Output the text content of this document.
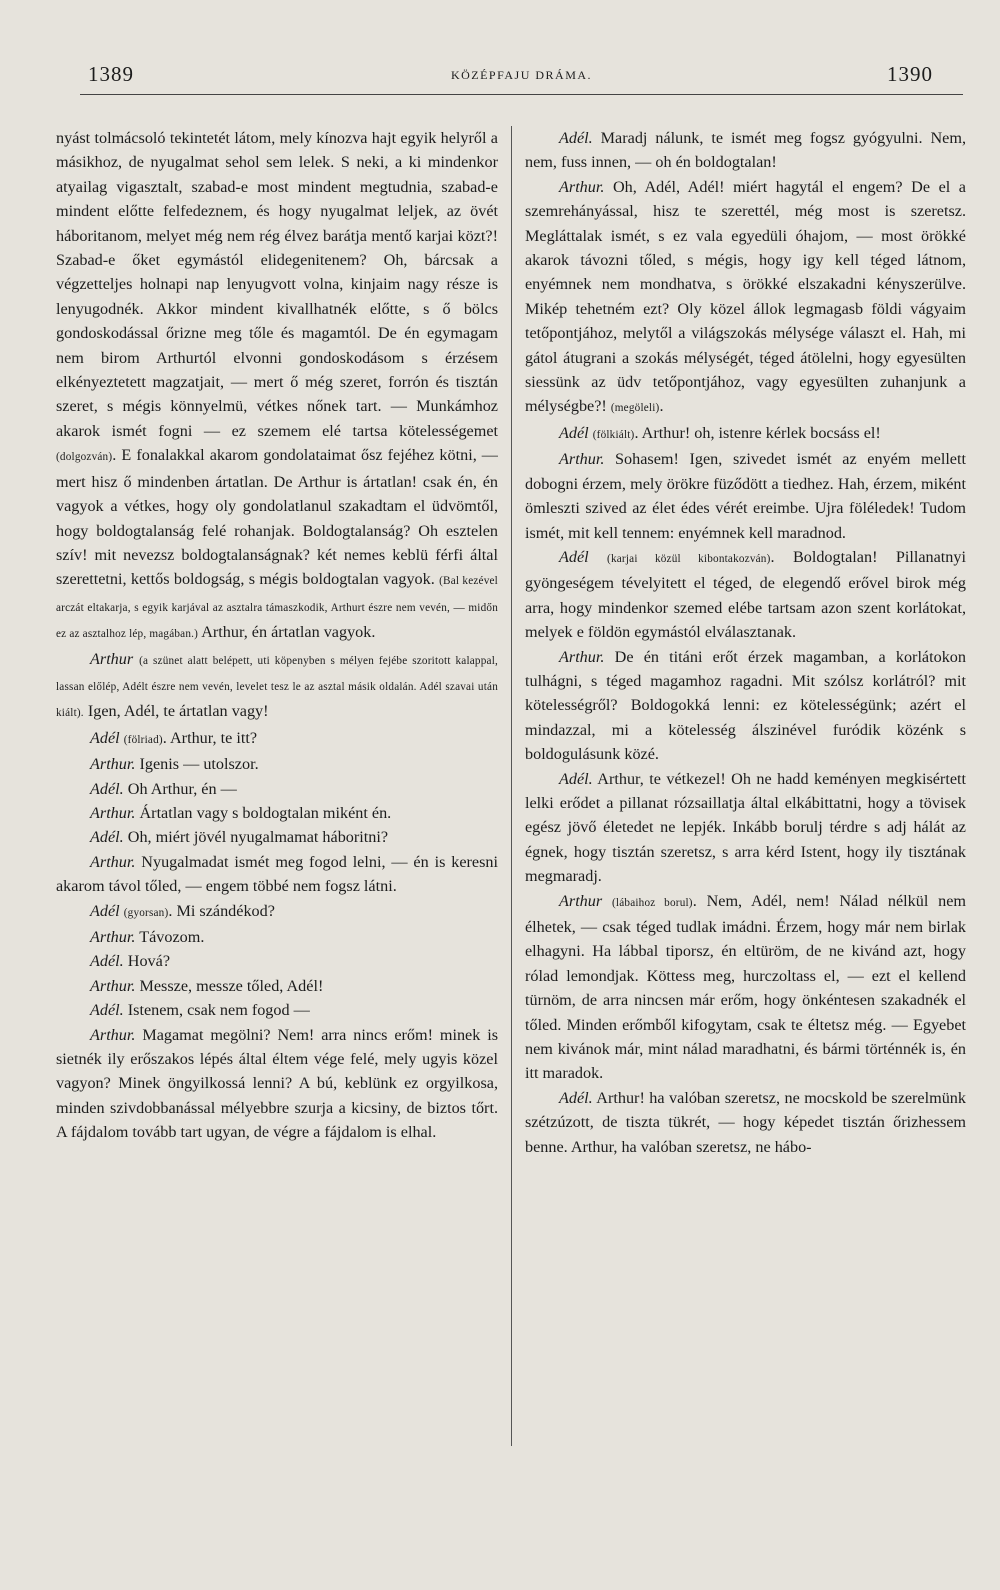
1389	KÖZÉPFAJU DRÁMA.	1390

nyást tolmácsoló tekintetét látom, mely kínozva hajt egyik helyről a másikhoz, de nyugalmat sehol sem lelek. S neki, a ki mindenkor atyailag vigasztalt, szabad-e most mindent megtudnia, szabad-e mindent előtte felfedeznem, és hogy nyugalmat leljek, az övét háboritanom, melyet még nem rég élvez barátja mentő karjai közt?! Szabad-e őket egymástól elidegenitenem? Oh, bárcsak a végzetteljes holnapi nap lenyugvott volna, kinjaim nagy része is lenyugodnék. Akkor mindent kivallhatnék előtte, s ő bölcs gondoskodással őrizne meg tőle és magamtól. De én egymagam nem birom Arthurtól elvonni gondoskodásom s érzésem elkényeztetett magzatjait, — mert ő még szeret, forrón és tisztán szeret, s mégis könnyelmü, vétkes nőnek tart. — Munkámhoz akarok ismét fogni — ez szemem elé tartsa kötelességemet (dolgozván). E fonalakkal akarom gondolataimat ősz fejéhez kötni, — mert hisz ő mindenben ártatlan. De Arthur is ártatlan! csak én, én vagyok a vétkes, hogy oly gondolatlanul szakadtam el üdvömtől, hogy boldogtalanság felé rohanjak. Boldogtalanság? Oh esztelen szív! mit nevezsz boldogtalanságnak? két nemes keblü férfi által szerettetni, kettős boldogság, s mégis boldogtalan vagyok. (Bal kezével arczát eltakarja, s egyik karjával az asztalra támaszkodik, Arthurt észre nem vevén, — midőn ez az asztalhoz lép, magában.) Arthur, én ártatlan vagyok.

Arthur (a szünet alatt belépett, uti köpenyben s mélyen fejébe szoritott kalappal, lassan előlép, Adélt észre nem vevén, levelet tesz le az asztal másik oldalán. Adél szavai után kiált). Igen, Adél, te ártatlan vagy!

Adél (fölriad). Arthur, te itt?

Arthur. Igenis — utolszor.

Adél. Oh Arthur, én —

Arthur. Ártatlan vagy s boldogtalan miként én.

Adél. Oh, miért jövél nyugalmamat háboritni?

Arthur. Nyugalmadat ismét meg fogod lelni, — én is keresni akarom távol tőled, — engem többé nem fogsz látni.

Adél (gyorsan). Mi szándékod?

Arthur. Távozom.

Adél. Hová?

Arthur. Messze, messze tőled, Adél!

Adél. Istenem, csak nem fogod —

Arthur. Magamat megölni? Nem! arra nincs erőm! minek is sietnék ily erőszakos lépés által éltem vége felé, mely ugyis közel vagyon? Minek öngyilkossá lenni? A bú, keblünk ez orgyilkosa, minden szivdobbanással mélyebbre szurja a kicsiny, de biztos tőrt. A fájdalom tovább tart ugyan, de végre a fájdalom is elhal.

Adél. Maradj nálunk, te ismét meg fogsz gyógyulni. Nem, nem, fuss innen, — oh én boldogtalan!

Arthur. Oh, Adél, Adél! miért hagytál el engem? De el a szemrehányással, hisz te szerettél, még most is szeretsz. Megláttalak ismét, s ez vala egyedüli óhajom, — most örökké akarok távozni tőled, s mégis, hogy igy kell téged látnom, enyémnek nem mondhatva, s örökké elszakadni kényszerülve. Mikép tehetném ezt? Oly közel állok legmagasb földi vágyaim tetőpontjához, melytől a világszokás mélysége választ el. Hah, mi gátol átugrani a szokás mélységét, téged átölelni, hogy egyesülten siessünk az üdv tetőpontjához, vagy egyesülten zuhanjunk a mélységbe?! (megöleli).

Adél (fölkiált). Arthur! oh, istenre kérlek bocsáss el!

Arthur. Sohasem! Igen, szivedet ismét az enyém mellett dobogni érzem, mely örökre füződött a tiedhez. Hah, érzem, miként ömleszti szived az élet édes vérét ereimbe. Ujra föléledek! Tudom ismét, mit kell tennem: enyémnek kell maradnod.

Adél (karjai közül kibontakozván). Boldogtalan! Pillanatnyi gyöngeségem tévelyitett el téged, de elegendő erővel birok még arra, hogy mindenkor szemed elébe tartsam azon szent korlátokat, melyek e földön egymástól elválasztanak.

Arthur. De én titáni erőt érzek magamban, a korlátokon tulhágni, s téged magamhoz ragadni. Mit szólsz korlátról? mit kötelességről? Boldogokká lenni: ez kötelességünk; azért el mindazzal, mi a kötelesség álszinével furódik közénk s boldogulásunk közé.

Adél. Arthur, te vétkezel! Oh ne hadd keményen megkisértett lelki erődet a pillanat rózsaillatja által elkábittatni, hogy a tövisek egész jövő életedet ne lepjék. Inkább borulj térdre s adj hálát az égnek, hogy tisztán szeretsz, s arra kérd Istent, hogy ily tisztának megmaradj.

Arthur (lábaihoz borul). Nem, Adél, nem! Nálad nélkül nem élhetek, — csak téged tudlak imádni. Érzem, hogy már nem birlak elhagyni. Ha lábbal tiporsz, én eltüröm, de ne kivánd azt, hogy rólad lemondjak. Köttess meg, hurczoltass el, — ezt el kellend türnöm, de arra nincsen már erőm, hogy önkéntesen szakadnék el tőled. Minden erőmből kifogytam, csak te éltetsz még. — Egyebet nem kivánok már, mint nálad maradhatni, és bármi történnék is, én itt maradok.

Adél. Arthur! ha valóban szeretsz, ne mocskold be szerelmünk szétzúzott, de tiszta tükrét, — hogy képedet tisztán őrizhessem benne. Arthur, ha valóban szeretsz, ne hábo-
